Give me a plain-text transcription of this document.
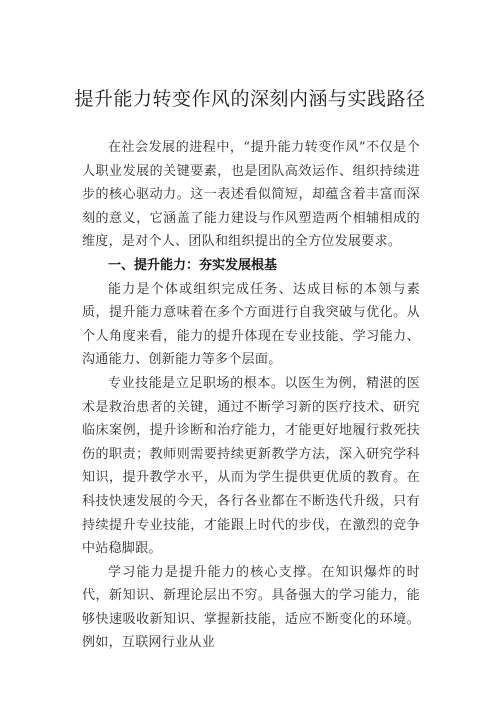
提升能力转变作风的深刻内涵与实践路径

在社会发展的进程中，“提升能力转变作风”不仅是个人职业发展的关键要素，也是团队高效运作、组织持续进步的核心驱动力。这一表述看似简短，却蕴含着丰富而深刻的意义，它涵盖了能力建设与作风塑造两个相辅相成的维度，是对个人、团队和组织提出的全方位发展要求。

一、提升能力：夯实发展根基

能力是个体或组织完成任务、达成目标的本领与素质，提升能力意味着在多个方面进行自我突破与优化。从个人角度来看，能力的提升体现在专业技能、学习能力、沟通能力、创新能力等多个层面。

专业技能是立足职场的根本。以医生为例，精湛的医术是救治患者的关键，通过不断学习新的医疗技术、研究临床案例，提升诊断和治疗能力，才能更好地履行救死扶伤的职责；教师则需要持续更新教学方法，深入研究学科知识，提升教学水平，从而为学生提供更优质的教育。在科技快速发展的今天，各行各业都在不断迭代升级，只有持续提升专业技能，才能跟上时代的步伐，在激烈的竞争中站稳脚跟。

学习能力是提升能力的核心支撑。在知识爆炸的时代，新知识、新理论层出不穷。具备强大的学习能力，能够快速吸收新知识、掌握新技能，适应不断变化的环境。例如，互联网行业从业
